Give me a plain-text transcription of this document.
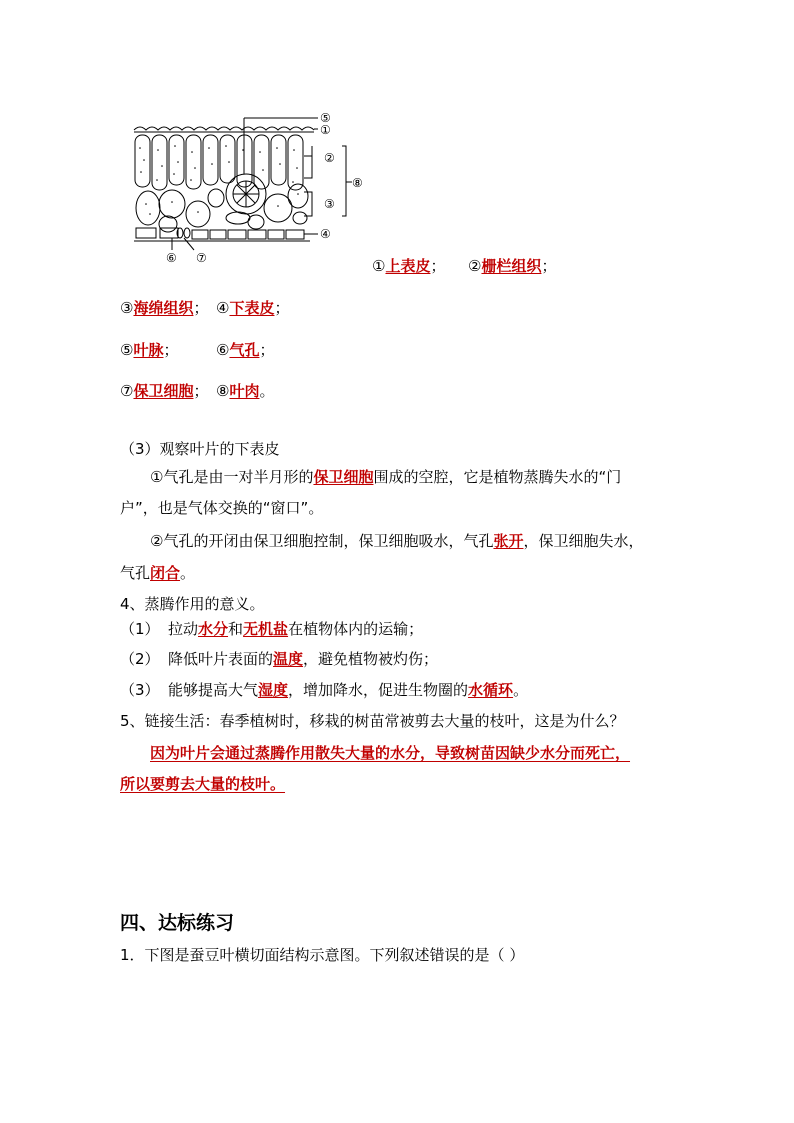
⑤
①
②
⑧
③
④
⑥ ⑦	①上表皮； ②栅栏组织；
③海绵组织； ④下表皮；
⑤叶脉；	⑥气孔；
⑦保卫细胞； ⑧叶肉。
（3）观察叶片的下表皮
①气孔是由一对半月形的保卫细胞围成的空腔，它是植物蒸腾失水的“门
户”，也是气体交换的“窗口”。
②气孔的开闭由保卫细胞控制，保卫细胞吸水，气孔张开，保卫细胞失水，
气孔闭合。
4、蒸腾作用的意义。
（1） 拉动水分和无机盐在植物体内的运输；
（2） 降低叶片表面的温度，避免植物被灼伤；
（3） 能够提高大气湿度，增加降水，促进生物圈的水循环。
5、链接生活：春季植树时，移栽的树苗常被剪去大量的枝叶，这是为什么？
因为叶片会通过蒸腾作用散失大量的水分，导致树苗因缺少水分而死亡，
所以要剪去大量的枝叶。
四、达标练习
1．下图是蚕豆叶横切面结构示意图。下列叙述错误的是（ ）
